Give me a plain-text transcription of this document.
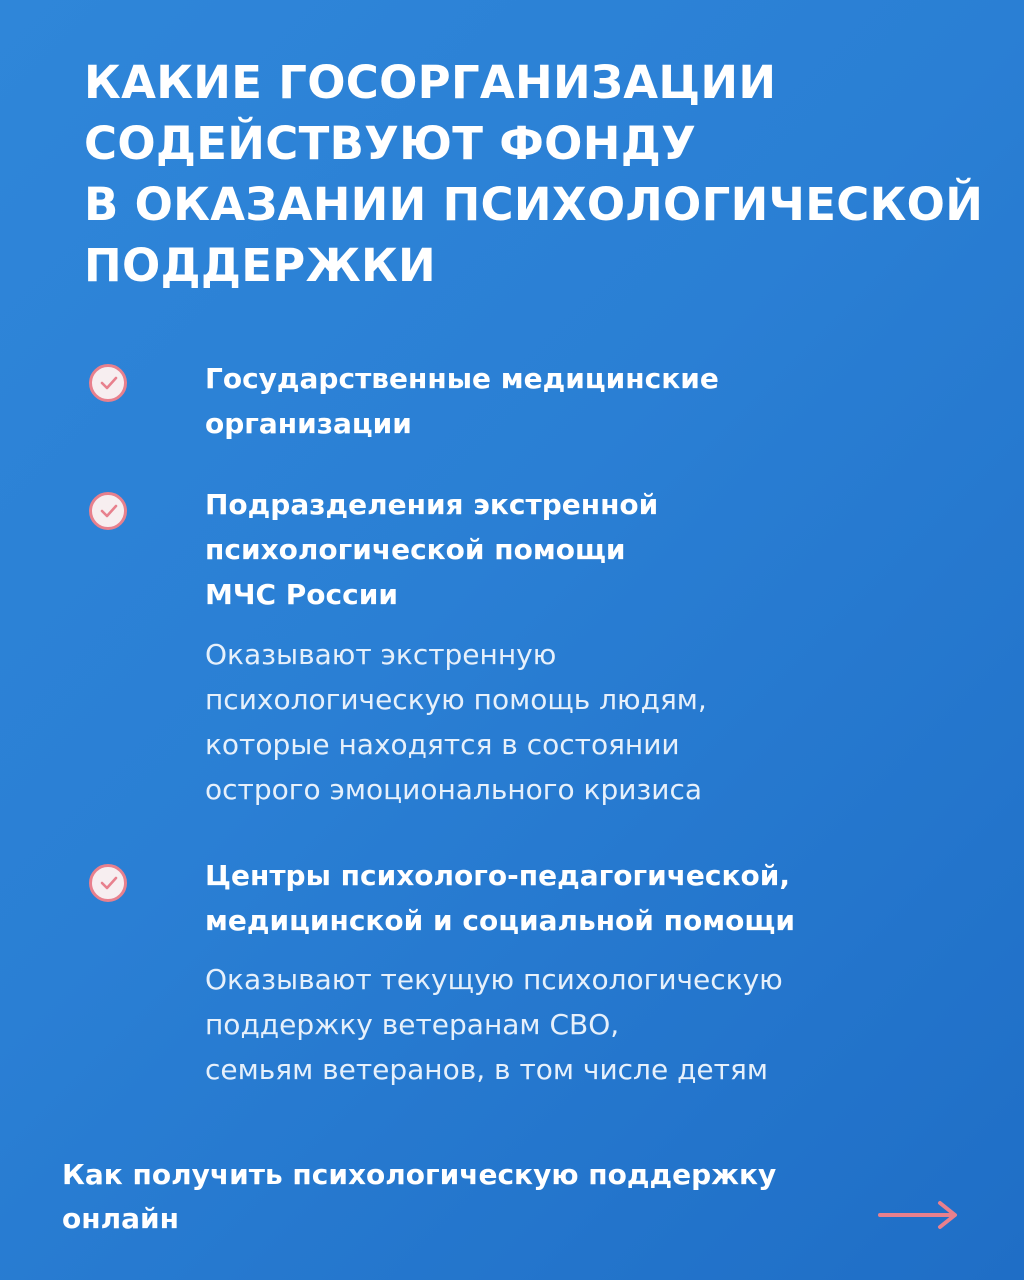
КАКИЕ ГОСОРГАНИЗАЦИИ
СОДЕЙСТВУЮТ ФОНДУ
В ОКАЗАНИИ ПСИХОЛОГИЧЕСКОЙ
ПОДДЕРЖКИ
Государственные медицинские
организации
Подразделения экстренной
психологической помощи
МЧС России
Оказывают экстренную
психологическую помощь людям,
которые находятся в состоянии
острого эмоционального кризиса
Центры психолого-педагогической,
медицинской и социальной помощи
Оказывают текущую психологическую
поддержку ветеранам СВО,
семьям ветеранов, в том числе детям
Как получить психологическую поддержку
онлайн
